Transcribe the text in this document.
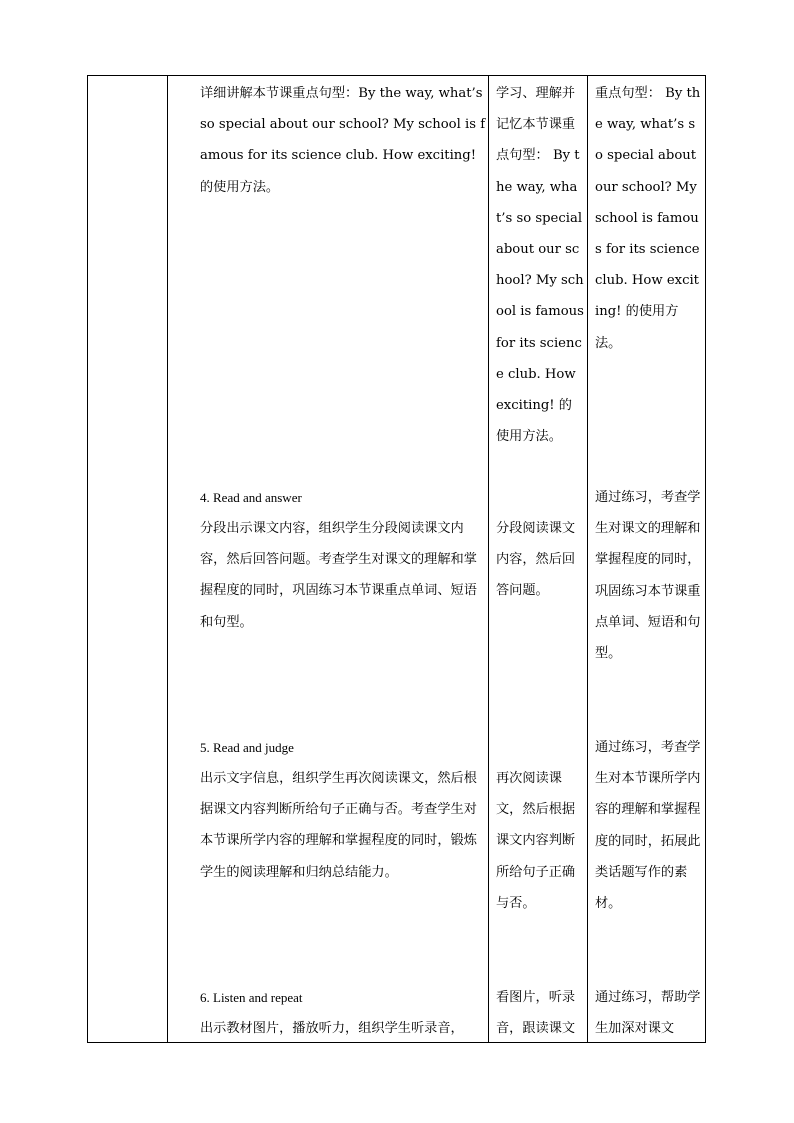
详细讲解本节课重点句型：By the way, what’s so special about our school? My school is famous for its science club. How exciting! 的使用方法。
学习、理解并记忆本节课重点句型： By the way, what’s so special about our school? My school is famous for its science club. How exciting! 的使用方法。
重点句型： By the way, what’s so special about our school? My school is famous for its science club. How exciting! 的使用方法。
4. Read and answer
分段出示课文内容，组织学生分段阅读课文内容，然后回答问题。考查学生对课文的理解和掌握程度的同时，巩固练习本节课重点单词、短语和句型。
分段阅读课文内容，然后回答问题。
通过练习，考查学生对课文的理解和掌握程度的同时，巩固练习本节课重点单词、短语和句型。
5. Read and judge
出示文字信息，组织学生再次阅读课文，然后根据课文内容判断所给句子正确与否。考查学生对本节课所学内容的理解和掌握程度的同时，锻炼学生的阅读理解和归纳总结能力。
再次阅读课文，然后根据课文内容判断所给句子正确与否。
通过练习，考查学生对本节课所学内容的理解和掌握程度的同时，拓展此类话题写作的素材。
6. Listen and repeat
出示教材图片，播放听力，组织学生听录音，
看图片，听录音，跟读课文
通过练习，帮助学生加深对课文
